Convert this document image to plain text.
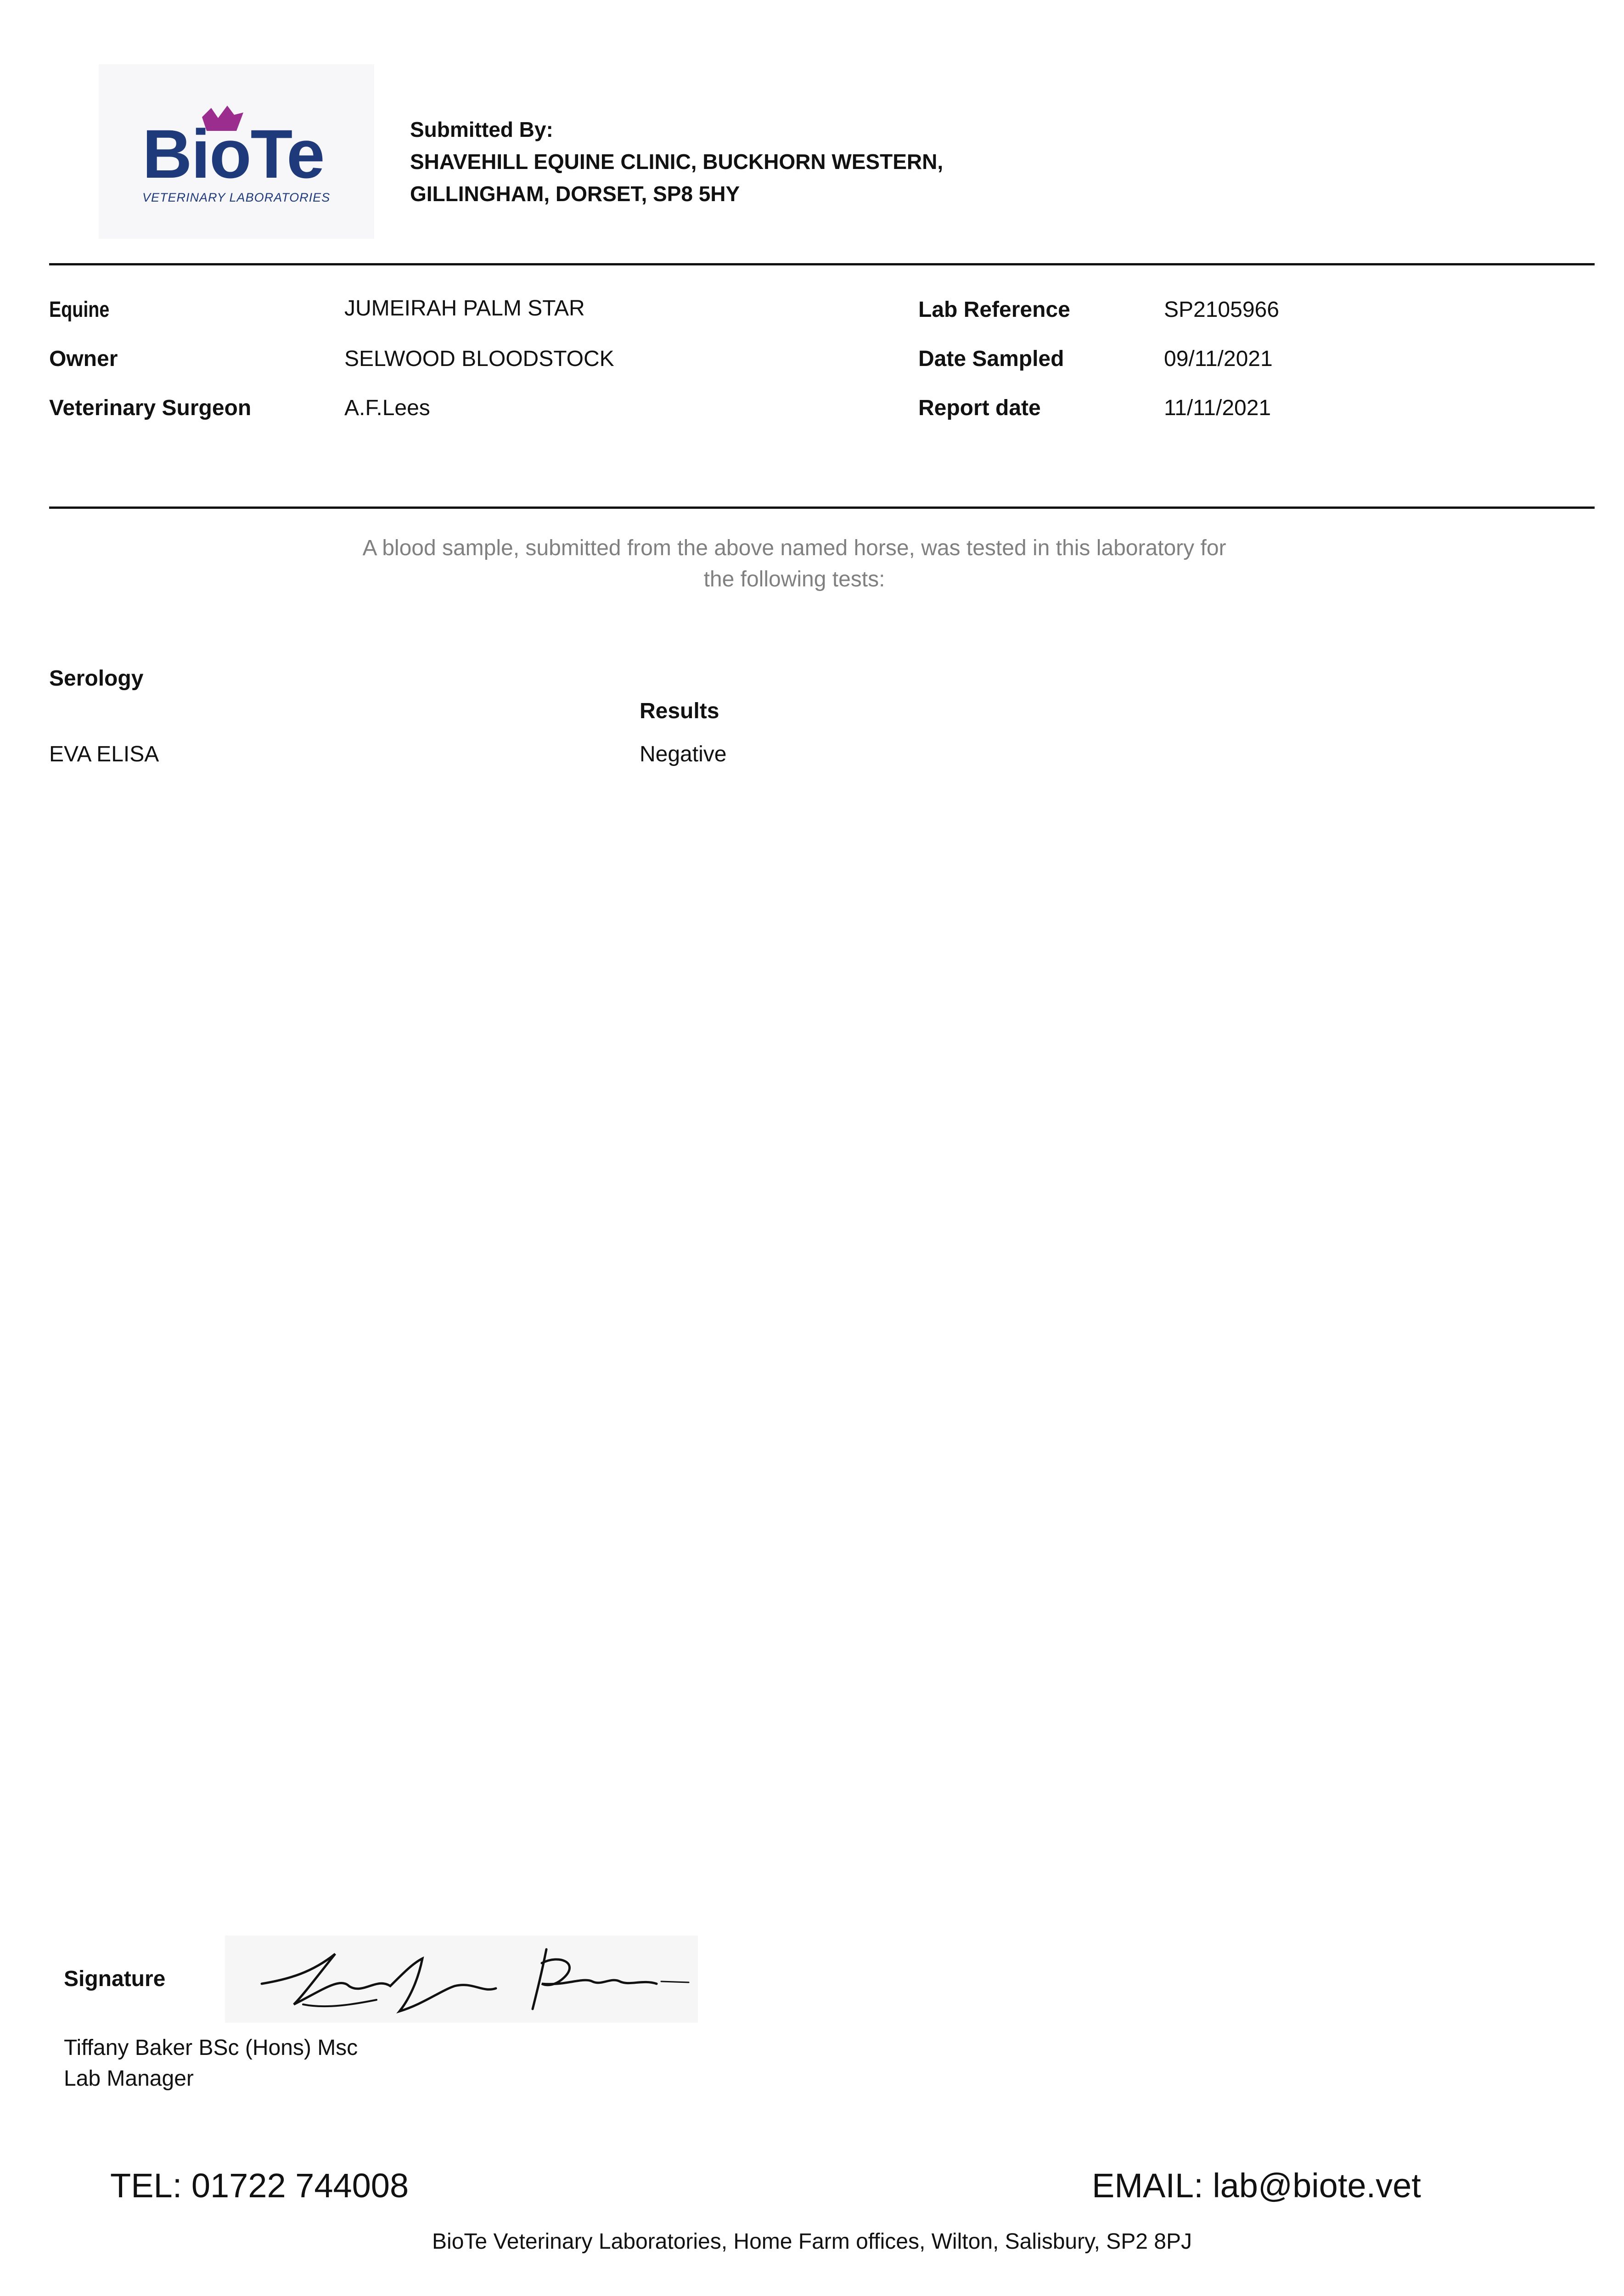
BioTe
VETERINARY LABORATORIES
Submitted By:
SHAVEHILL EQUINE CLINIC, BUCKHORN WESTERN,
GILLINGHAM, DORSET, SP8 5HY
Equine	JUMEIRAH PALM STAR
Owner	SELWOOD BLOODSTOCK
Veterinary Surgeon	A.F.Lees
Lab Reference	SP2105966
Date Sampled	09/11/2021
Report date	11/11/2021
A blood sample, submitted from the above named horse, was tested in this laboratory for
the following tests:
Serology
Results
EVA ELISA	Negative
Signature
Tiffany Baker BSc (Hons) Msc
Lab Manager
TEL: 01722 744008	EMAIL: lab@biote.vet
BioTe Veterinary Laboratories, Home Farm offices, Wilton, Salisbury, SP2 8PJ
